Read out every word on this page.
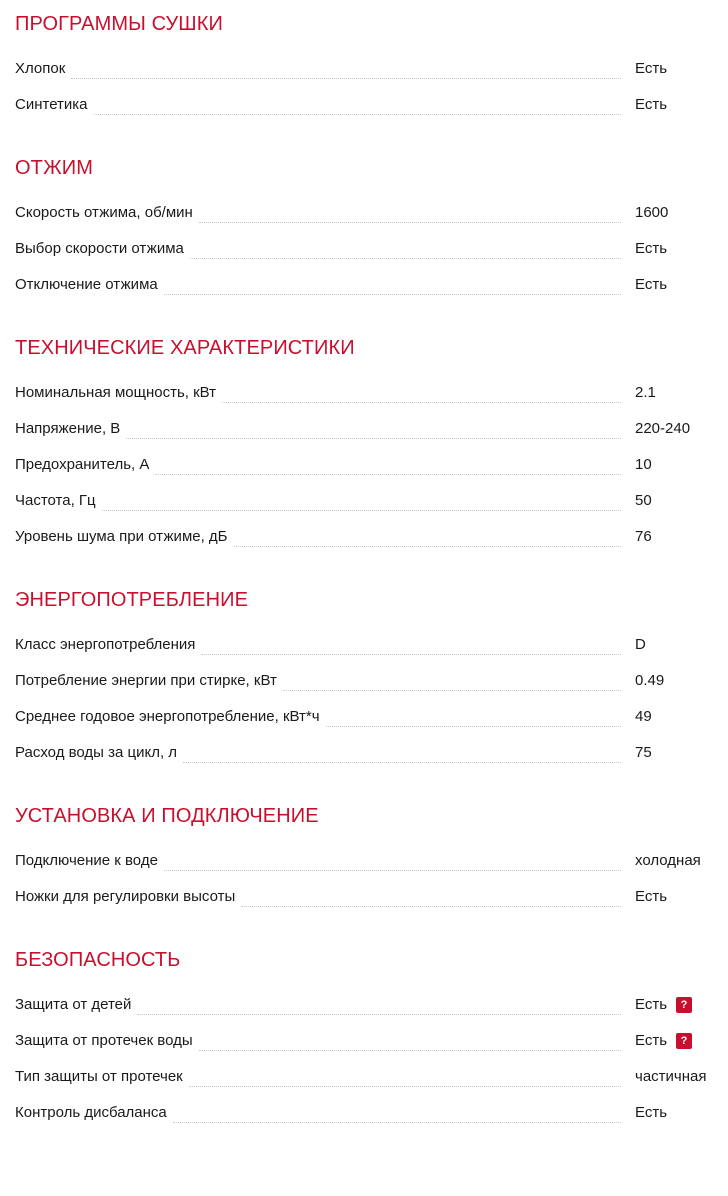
ПРОГРАММЫ СУШКИ
Хлопок	Есть
Синтетика	Есть
ОТЖИМ
Скорость отжима, об/мин	1600
Выбор скорости отжима	Есть
Отключение отжима	Есть
ТЕХНИЧЕСКИЕ ХАРАКТЕРИСТИКИ
Номинальная мощность, кВт	2.1
Напряжение, В	220-240
Предохранитель, А	10
Частота, Гц	50
Уровень шума при отжиме, дБ	76
ЭНЕРГОПОТРЕБЛЕНИЕ
Класс энергопотребления	D
Потребление энергии при стирке, кВт	0.49
Среднее годовое энергопотребление, кВт*ч	49
Расход воды за цикл, л	75
УСТАНОВКА И ПОДКЛЮЧЕНИЕ
Подключение к воде	холодная
Ножки для регулировки высоты	Есть
БЕЗОПАСНОСТЬ
Защита от детей	Есть	?
Защита от протечек воды	Есть	?
Тип защиты от протечек	частичная
Контроль дисбаланса	Есть
